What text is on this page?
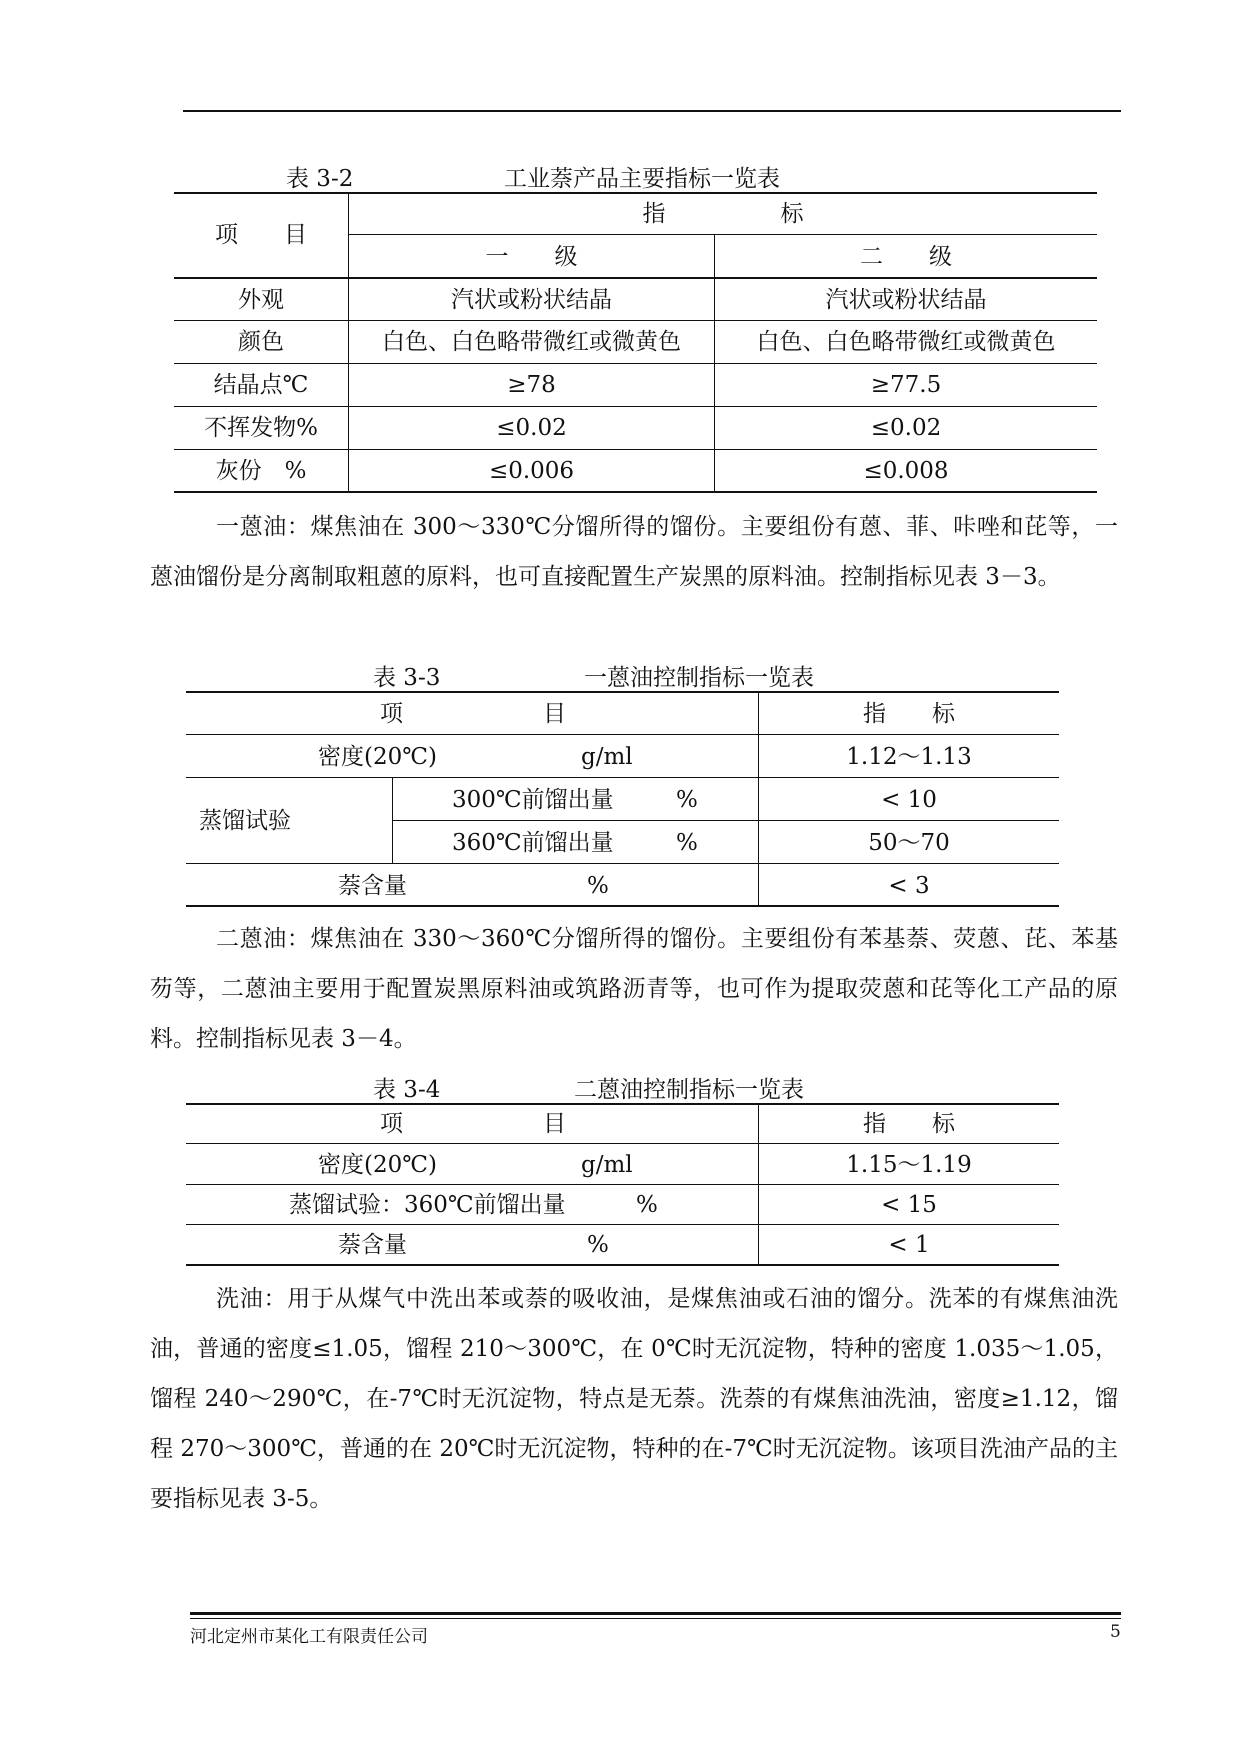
表 3-2	工业萘产品主要指标一览表
项　　目
指　　　　　标
一　　级	二　　级
外观	汽状或粉状结晶	汽状或粉状结晶
颜色	白色、白色略带微红或微黄色	白色、白色略带微红或微黄色
结晶点℃	≥78	≥77.5
不挥发物%	≤0.02	≤0.02
灰份　%	≤0.006	≤0.008

一蒽油：煤焦油在 300～330℃分馏所得的馏份。主要组份有蒽、菲、咔唑和芘等，一蒽油馏份是分离制取粗蒽的原料，也可直接配置生产炭黑的原料油。控制指标见表 3－3。

表 3-3	一蒽油控制指标一览表
项	目	指　　标
密度(20℃)	g/ml	1.12～1.13
蒸馏试验
300℃前馏出量	%	< 10
360℃前馏出量	%	50～70
萘含量	%	< 3

二蒽油：煤焦油在 330～360℃分馏所得的馏份。主要组份有苯基萘、荧蒽、芘、苯基芴等，二蒽油主要用于配置炭黑原料油或筑路沥青等，也可作为提取荧蒽和芘等化工产品的原料。控制指标见表 3－4。

表 3-4	二蒽油控制指标一览表
项	目	指　　标
密度(20℃)	g/ml	1.15～1.19
蒸馏试验：360℃前馏出量	%	< 15
萘含量	%	< 1

洗油：用于从煤气中洗出苯或萘的吸收油，是煤焦油或石油的馏分。洗苯的有煤焦油洗油，普通的密度≤1.05，馏程 210～300℃，在 0℃时无沉淀物，特种的密度 1.035～1.05，馏程 240～290℃，在-7℃时无沉淀物，特点是无萘。洗萘的有煤焦油洗油，密度≥1.12，馏程 270～300℃，普通的在 20℃时无沉淀物，特种的在-7℃时无沉淀物。该项目洗油产品的主要指标见表 3-5。

河北定州市某化工有限责任公司	5
